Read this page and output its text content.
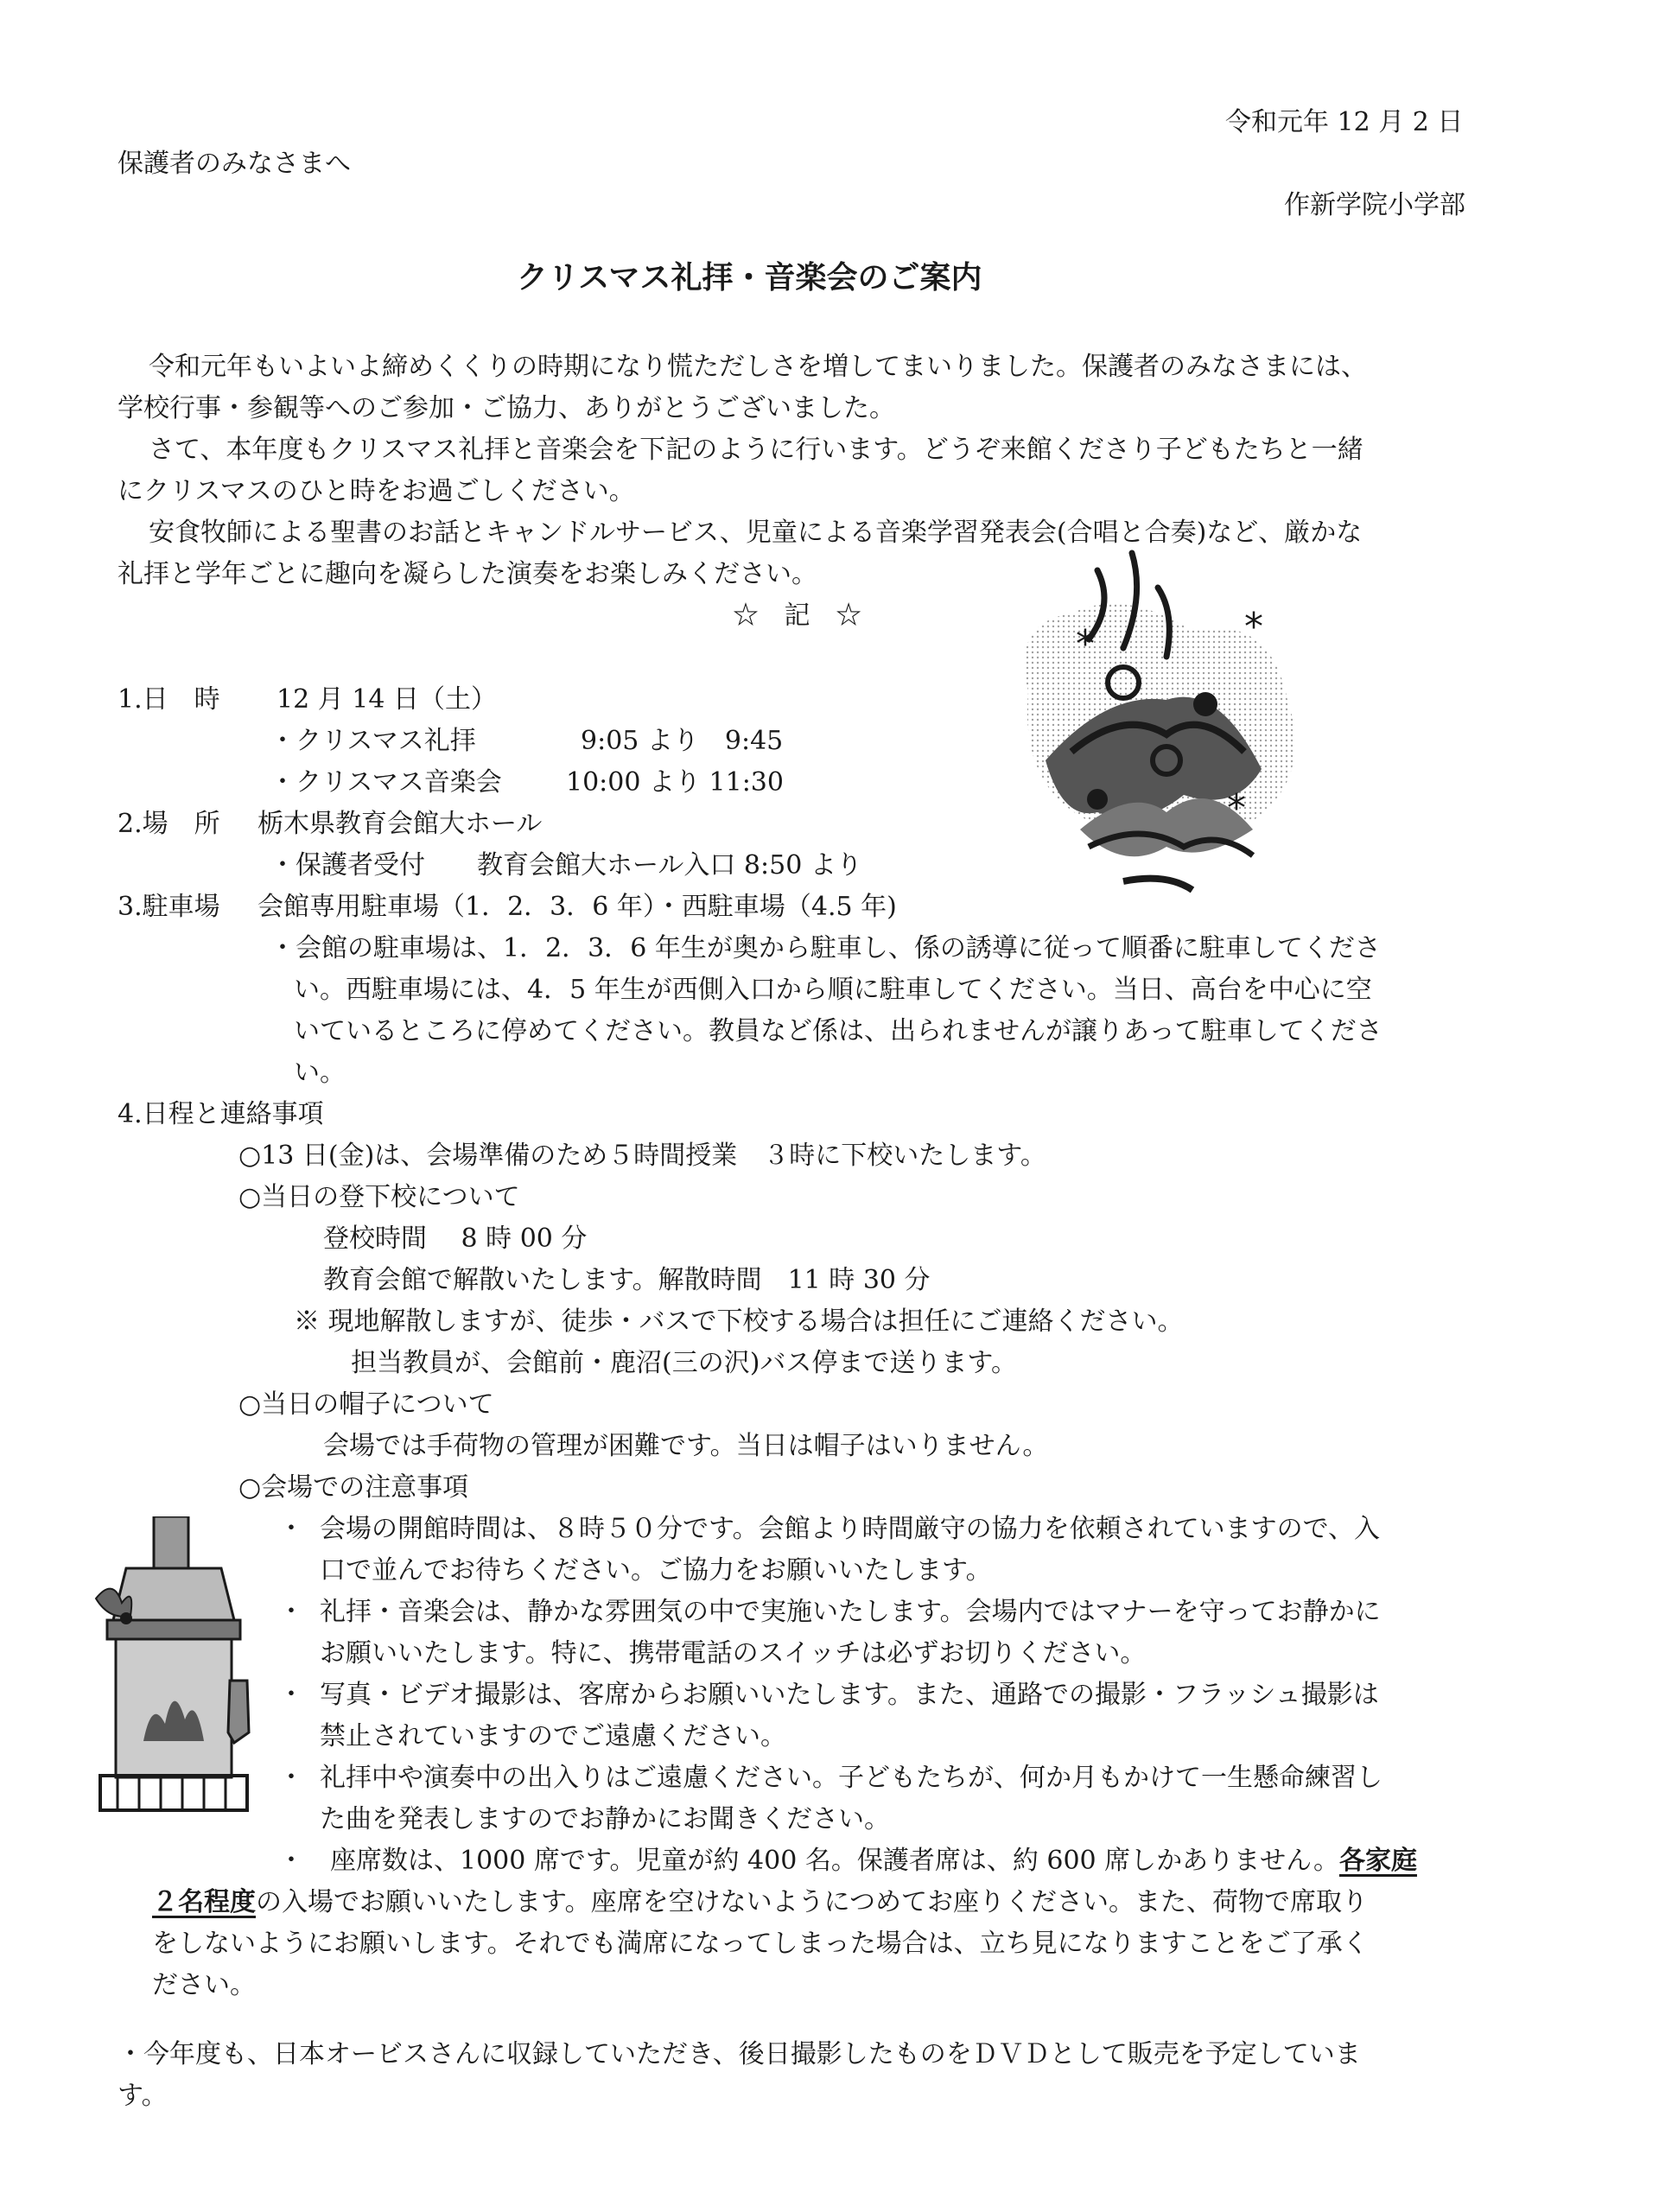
令和元年 12 月 2 日
保護者のみなさまへ
作新学院小学部
クリスマス礼拝・音楽会のご案内
令和元年もいよいよ締めくくりの時期になり慌ただしさを増してまいりました。保護者のみなさまには、
学校行事・参観等へのご参加・ご協力、ありがとうございました。
さて、本年度もクリスマス礼拝と音楽会を下記のように行います。どうぞ来館くださり子どもたちと一緒
にクリスマスのひと時をお過ごしください。
安食牧師による聖書のお話とキャンドルサービス、児童による音楽学習発表会(合唱と合奏)など、厳かな
礼拝と学年ごとに趣向を凝らした演奏をお楽しみください。
☆ 記 ☆
*	*
*
1.日　時 12 月 14 日（土）
・クリスマス礼拝	9:05 より　9:45
・クリスマス音楽会 10:00 より 11:30
2.場　所 栃木県教育会館大ホール
・保護者受付　　教育会館大ホール入口 8:50 より
3.駐車場 会館専用駐車場（1．2．3．6 年）・西駐車場（4.5 年)
・会館の駐車場は、1．2．3．6 年生が奥から駐車し、係の誘導に従って順番に駐車してくださ
い。西駐車場には、4．5 年生が西側入口から順に駐車してください。当日、高台を中心に空
いているところに停めてください。教員など係は、出られませんが譲りあって駐車してくださ
い。
4.日程と連絡事項
○13 日(金)は、会場準備のため５時間授業　３時に下校いたします。
○当日の登下校について
登校時間　 8 時 00 分
教育会館で解散いたします。解散時間　11 時 30 分
※ 現地解散しますが、徒歩・バスで下校する場合は担任にご連絡ください。
担当教員が、会館前・鹿沼(三の沢)バス停まで送ります。
○当日の帽子について
会場では手荷物の管理が困難です。当日は帽子はいりません。
○会場での注意事項
・ 会場の開館時間は、８時５０分です。会館より時間厳守の協力を依頼されていますので、入
口で並んでお待ちください。ご協力をお願いいたします。
・ 礼拝・音楽会は、静かな雰囲気の中で実施いたします。会場内ではマナーを守ってお静かに
お願いいたします。特に、携帯電話のスイッチは必ずお切りください。
・ 写真・ビデオ撮影は、客席からお願いいたします。また、通路での撮影・フラッシュ撮影は
禁止されていますのでご遠慮ください。
・ 礼拝中や演奏中の出入りはご遠慮ください。子どもたちが、何か月もかけて一生懸命練習し
た曲を発表しますのでお静かにお聞きください。
・　座席数は、1000 席です。児童が約 400 名。保護者席は、約 600 席しかありません。各家庭
２名程度の入場でお願いいたします。座席を空けないようにつめてお座りください。また、荷物で席取り
をしないようにお願いします。それでも満席になってしまった場合は、立ち見になりますことをご了承く
ださい。
・今年度も、日本オービスさんに収録していただき、後日撮影したものをＤＶＤとして販売を予定していま
す。
